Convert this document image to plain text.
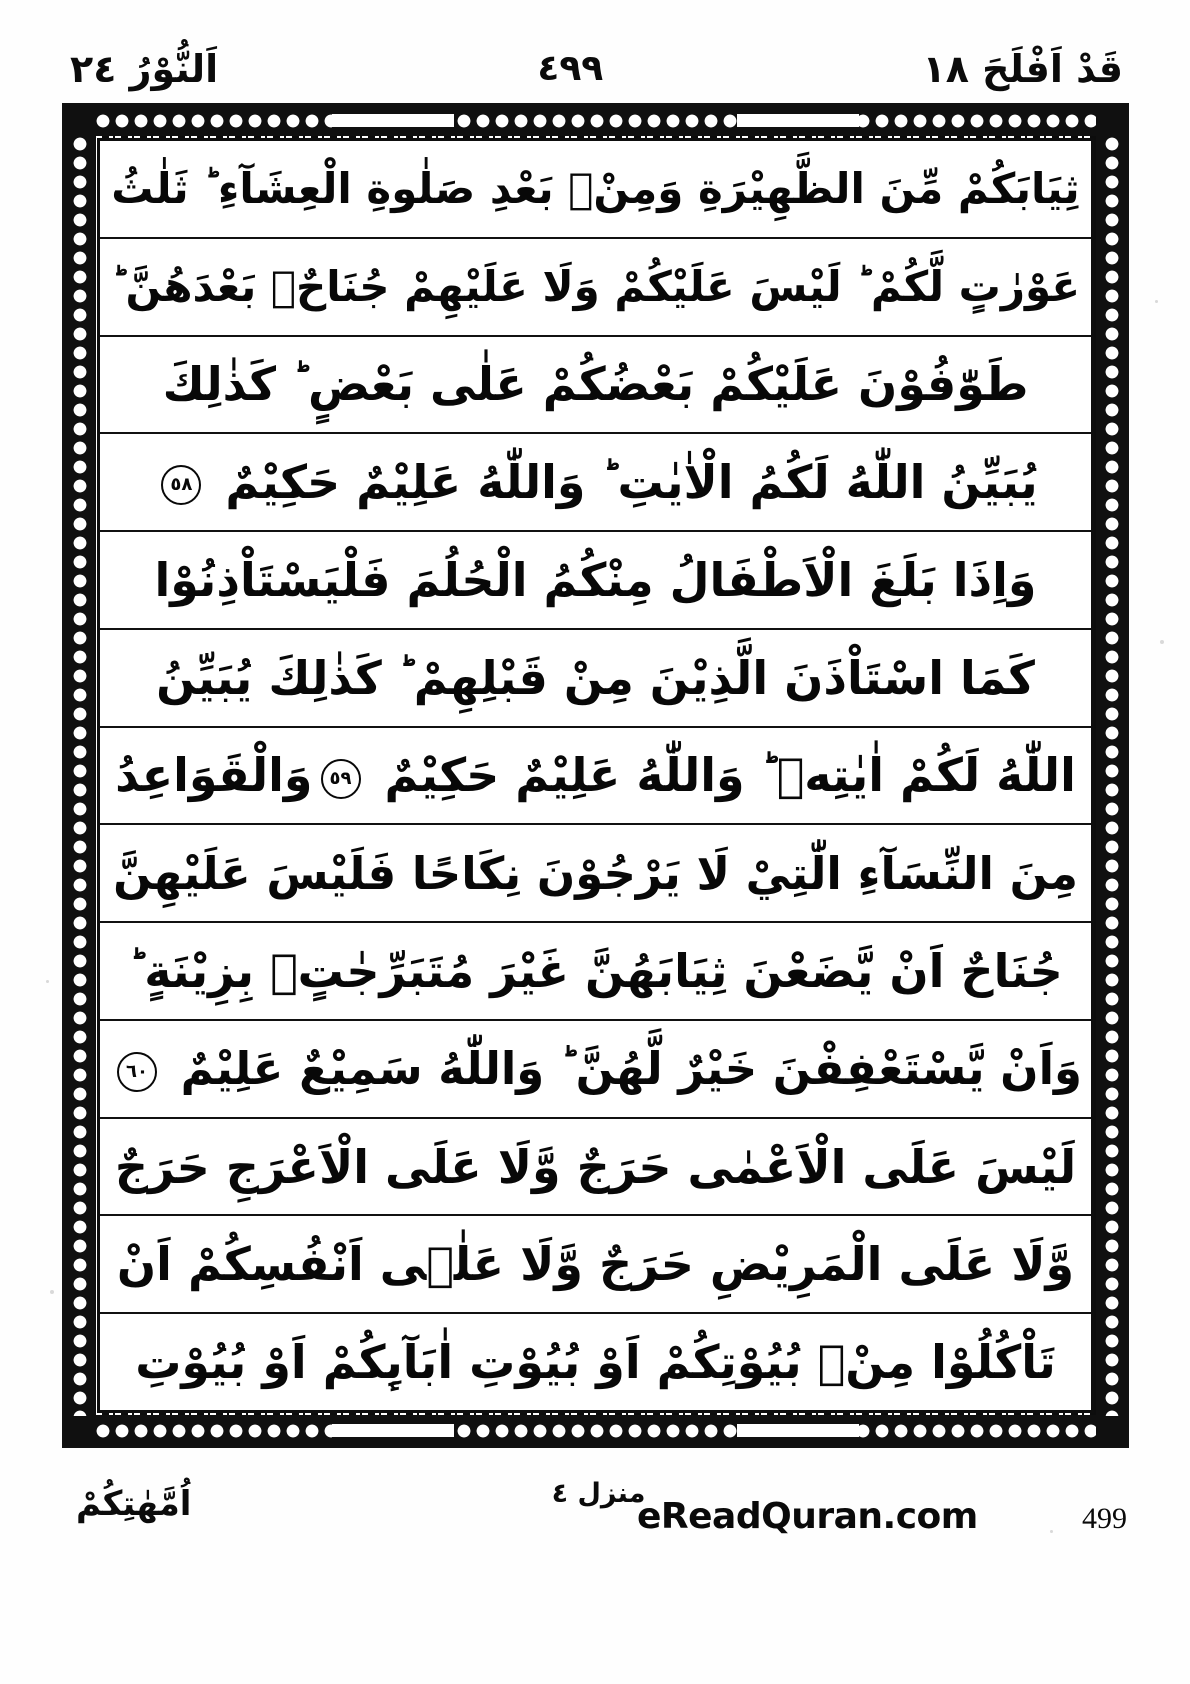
قَدْ اَفْلَحَ ١٨
٤٩٩
اَلنُّوْرُ ٢٤
ثِيَابَكُمْ مِّنَ الظَّهِيْرَةِ وَمِنْۢ بَعْدِ صَلٰوةِ الْعِشَآءِ ؕ ثَلٰثُ
عَوْرٰتٍ لَّكُمْ ؕ لَيْسَ عَلَيْكُمْ وَلَا عَلَيْهِمْ جُنَاحٌۢ بَعْدَهُنَّ ؕ
طَوّٰفُوْنَ عَلَيْكُمْ بَعْضُكُمْ عَلٰى بَعْضٍ ؕ كَذٰلِكَ
يُبَيِّنُ اللّٰهُ لَكُمُ الْاٰيٰتِ ؕ وَاللّٰهُ عَلِيْمٌ حَكِيْمٌ ٥٨
وَاِذَا بَلَغَ الْاَطْفَالُ مِنْكُمُ الْحُلُمَ فَلْيَسْتَاْذِنُوْا
كَمَا اسْتَاْذَنَ الَّذِيْنَ مِنْ قَبْلِهِمْ ؕ كَذٰلِكَ يُبَيِّنُ
اللّٰهُ لَكُمْ اٰيٰتِهٖ ؕ وَاللّٰهُ عَلِيْمٌ حَكِيْمٌ ٥٩وَالْقَوَاعِدُ
مِنَ النِّسَآءِ الّٰتِيْ لَا يَرْجُوْنَ نِكَاحًا فَلَيْسَ عَلَيْهِنَّ
جُنَاحٌ اَنْ يَّضَعْنَ ثِيَابَهُنَّ غَيْرَ مُتَبَرِّجٰتٍۢ بِزِيْنَةٍ ؕ
وَاَنْ يَّسْتَعْفِفْنَ خَيْرٌ لَّهُنَّ ؕ وَاللّٰهُ سَمِيْعٌ عَلِيْمٌ ٦٠
لَيْسَ عَلَى الْاَعْمٰى حَرَجٌ وَّلَا عَلَى الْاَعْرَجِ حَرَجٌ
وَّلَا عَلَى الْمَرِيْضِ حَرَجٌ وَّلَا عَلٰۤى اَنْفُسِكُمْ اَنْ
تَاْكُلُوْا مِنْۢ بُيُوْتِكُمْ اَوْ بُيُوْتِ اٰبَآىِٕكُمْ اَوْ بُيُوْتِ
اُمَّهٰتِكُمْ	منزل ٤
eReadQuran.com	499
